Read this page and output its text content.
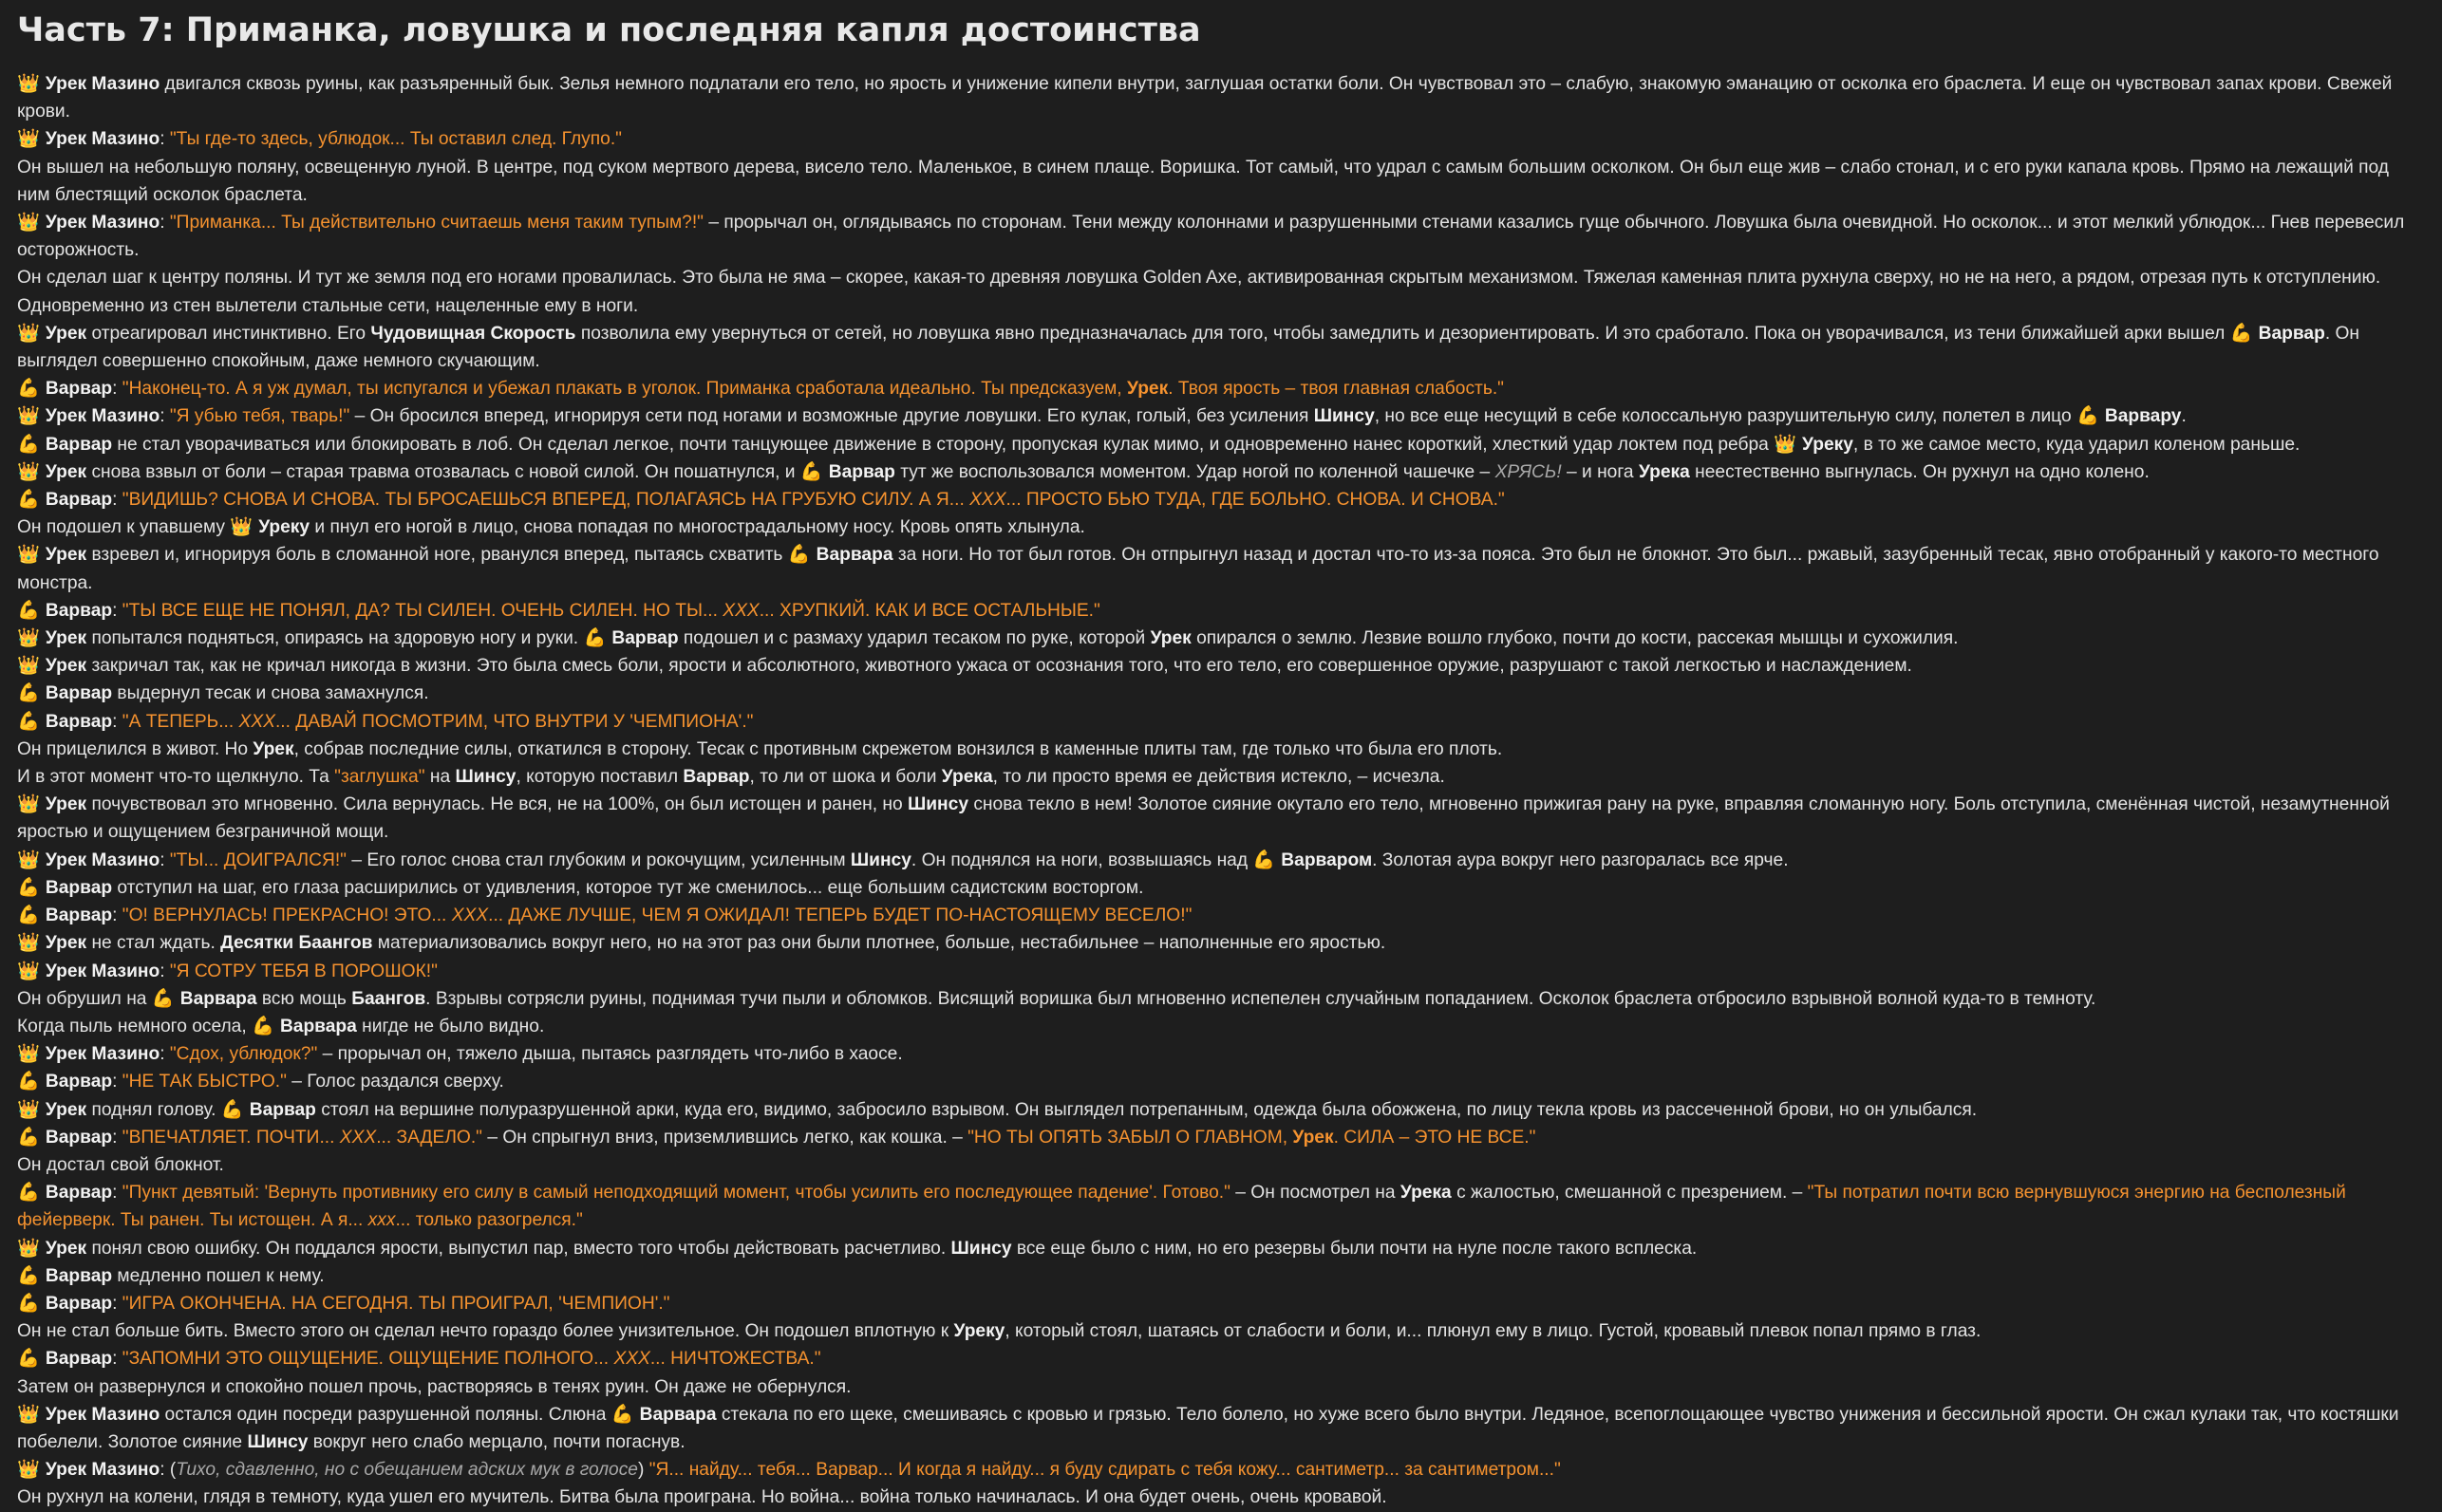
Часть 7: Приманка, ловушка и последняя капля достоинства

👑 Урек Мазино двигался сквозь руины, как разъяренный бык. Зелья немного подлатали его тело, но ярость и унижение кипели внутри, заглушая остатки боли. Он чувствовал это – слабую, знакомую эманацию от осколка его браслета. И еще он чувствовал запах крови. Свежей крови.

👑 Урек Мазино: "Ты где-то здесь, ублюдок... Ты оставил след. Глупо."

Он вышел на небольшую поляну, освещенную луной. В центре, под суком мертвого дерева, висело тело. Маленькое, в синем плаще. Воришка. Тот самый, что удрал с самым большим осколком. Он был еще жив – слабо стонал, и с его руки капала кровь. Прямо на лежащий под ним блестящий осколок браслета.

👑 Урек Мазино: "Приманка... Ты действительно считаешь меня таким тупым?!" – прорычал он, оглядываясь по сторонам. Тени между колоннами и разрушенными стенами казались гуще обычного. Ловушка была очевидной. Но осколок... и этот мелкий ублюдок... Гнев перевесил осторожность.

Он сделал шаг к центру поляны. И тут же земля под его ногами провалилась. Это была не яма – скорее, какая-то древняя ловушка Golden Axe, активированная скрытым механизмом. Тяжелая каменная плита рухнула сверху, но не на него, а рядом, отрезая путь к отступлению. Одновременно из стен вылетели стальные сети, нацеленные ему в ноги.

👑 Урек отреагировал инстинктивно. Его Чудовищная Скорость позволила ему увернуться от сетей, но ловушка явно предназначалась для того, чтобы замедлить и дезориентировать. И это сработало. Пока он уворачивался, из тени ближайшей арки вышел 💪 Варвар. Он выглядел совершенно спокойным, даже немного скучающим.

💪 Варвар: "Наконец-то. А я уж думал, ты испугался и убежал плакать в уголок. Приманка сработала идеально. Ты предсказуем, Урек. Твоя ярость – твоя главная слабость."

👑 Урек Мазино: "Я убью тебя, тварь!" – Он бросился вперед, игнорируя сети под ногами и возможные другие ловушки. Его кулак, голый, без усиления Шинсу, но все еще несущий в себе колоссальную разрушительную силу, полетел в лицо 💪 Варвару.

💪 Варвар не стал уворачиваться или блокировать в лоб. Он сделал легкое, почти танцующее движение в сторону, пропуская кулак мимо, и одновременно нанес короткий, хлесткий удар локтем под ребра 👑 Уреку, в то же самое место, куда ударил коленом раньше.

👑 Урек снова взвыл от боли – старая травма отозвалась с новой силой. Он пошатнулся, и 💪 Варвар тут же воспользовался моментом. Удар ногой по коленной чашечке – ХРЯСЬ! – и нога Урека неестественно выгнулась. Он рухнул на одно колено.

💪 Варвар: "ВИДИШЬ? СНОВА И СНОВА. ТЫ БРОСАЕШЬСЯ ВПЕРЕД, ПОЛАГАЯСЬ НА ГРУБУЮ СИЛУ. А Я... ХХХ... ПРОСТО БЬЮ ТУДА, ГДЕ БОЛЬНО. СНОВА. И СНОВА."

Он подошел к упавшему 👑 Уреку и пнул его ногой в лицо, снова попадая по многострадальному носу. Кровь опять хлынула.

👑 Урек взревел и, игнорируя боль в сломанной ноге, рванулся вперед, пытаясь схватить 💪 Варвара за ноги. Но тот был готов. Он отпрыгнул назад и достал что-то из-за пояса. Это был не блокнот. Это был... ржавый, зазубренный тесак, явно отобранный у какого-то местного монстра.

💪 Варвар: "ТЫ ВСЕ ЕЩЕ НЕ ПОНЯЛ, ДА? ТЫ СИЛЕН. ОЧЕНЬ СИЛЕН. НО ТЫ... ХХХ... ХРУПКИЙ. КАК И ВСЕ ОСТАЛЬНЫЕ."

👑 Урек попытался подняться, опираясь на здоровую ногу и руки. 💪 Варвар подошел и с размаху ударил тесаком по руке, которой Урек опирался о землю. Лезвие вошло глубоко, почти до кости, рассекая мышцы и сухожилия.

👑 Урек закричал так, как не кричал никогда в жизни. Это была смесь боли, ярости и абсолютного, животного ужаса от осознания того, что его тело, его совершенное оружие, разрушают с такой легкостью и наслаждением.

💪 Варвар выдернул тесак и снова замахнулся.

💪 Варвар: "А ТЕПЕРЬ... ХХХ... ДАВАЙ ПОСМОТРИМ, ЧТО ВНУТРИ У 'ЧЕМПИОНА'."

Он прицелился в живот. Но Урек, собрав последние силы, откатился в сторону. Тесак с противным скрежетом вонзился в каменные плиты там, где только что была его плоть.

И в этот момент что-то щелкнуло. Та "заглушка" на Шинсу, которую поставил Варвар, то ли от шока и боли Урека, то ли просто время ее действия истекло, – исчезла.

👑 Урек почувствовал это мгновенно. Сила вернулась. Не вся, не на 100%, он был истощен и ранен, но Шинсу снова текло в нем! Золотое сияние окутало его тело, мгновенно прижигая рану на руке, вправляя сломанную ногу. Боль отступила, сменённая чистой, незамутненной яростью и ощущением безграничной мощи.

👑 Урек Мазино: "ТЫ... ДОИГРАЛСЯ!" – Его голос снова стал глубоким и рокочущим, усиленным Шинсу. Он поднялся на ноги, возвышаясь над 💪 Варваром. Золотая аура вокруг него разгоралась все ярче.

💪 Варвар отступил на шаг, его глаза расширились от удивления, которое тут же сменилось... еще большим садистским восторгом.

💪 Варвар: "О! ВЕРНУЛАСЬ! ПРЕКРАСНО! ЭТО... ХХХ... ДАЖЕ ЛУЧШЕ, ЧЕМ Я ОЖИДАЛ! ТЕПЕРЬ БУДЕТ ПО-НАСТОЯЩЕМУ ВЕСЕЛО!"

👑 Урек не стал ждать. Десятки Баангов материализовались вокруг него, но на этот раз они были плотнее, больше, нестабильнее – наполненные его яростью.

👑 Урек Мазино: "Я СОТРУ ТЕБЯ В ПОРОШОК!"

Он обрушил на 💪 Варвара всю мощь Баангов. Взрывы сотрясли руины, поднимая тучи пыли и обломков. Висящий воришка был мгновенно испепелен случайным попаданием. Осколок браслета отбросило взрывной волной куда-то в темноту.

Когда пыль немного осела, 💪 Варвара нигде не было видно.

👑 Урек Мазино: "Сдох, ублюдок?" – прорычал он, тяжело дыша, пытаясь разглядеть что-либо в хаосе.

💪 Варвар: "НЕ ТАК БЫСТРО." – Голос раздался сверху.

👑 Урек поднял голову. 💪 Варвар стоял на вершине полуразрушенной арки, куда его, видимо, забросило взрывом. Он выглядел потрепанным, одежда была обожжена, по лицу текла кровь из рассеченной брови, но он улыбался.

💪 Варвар: "ВПЕЧАТЛЯЕТ. ПОЧТИ... ХХХ... ЗАДЕЛО." – Он спрыгнул вниз, приземлившись легко, как кошка. – "НО ТЫ ОПЯТЬ ЗАБЫЛ О ГЛАВНОМ, Урек. СИЛА – ЭТО НЕ ВСЕ."

Он достал свой блокнот.

💪 Варвар: "Пункт девятый: 'Вернуть противнику его силу в самый неподходящий момент, чтобы усилить его последующее падение'. Готово." – Он посмотрел на Урека с жалостью, смешанной с презрением. – "Ты потратил почти всю вернувшуюся энергию на бесполезный фейерверк. Ты ранен. Ты истощен. А я... ххх... только разогрелся."

👑 Урек понял свою ошибку. Он поддался ярости, выпустил пар, вместо того чтобы действовать расчетливо. Шинсу все еще было с ним, но его резервы были почти на нуле после такого всплеска.

💪 Варвар медленно пошел к нему.

💪 Варвар: "ИГРА ОКОНЧЕНА. НА СЕГОДНЯ. ТЫ ПРОИГРАЛ, 'ЧЕМПИОН'."

Он не стал больше бить. Вместо этого он сделал нечто гораздо более унизительное. Он подошел вплотную к Уреку, который стоял, шатаясь от слабости и боли, и... плюнул ему в лицо. Густой, кровавый плевок попал прямо в глаз.

💪 Варвар: "ЗАПОМНИ ЭТО ОЩУЩЕНИЕ. ОЩУЩЕНИЕ ПОЛНОГО... ХХХ... НИЧТОЖЕСТВА."

Затем он развернулся и спокойно пошел прочь, растворяясь в тенях руин. Он даже не обернулся.

👑 Урек Мазино остался один посреди разрушенной поляны. Слюна 💪 Варвара стекала по его щеке, смешиваясь с кровью и грязью. Тело болело, но хуже всего было внутри. Ледяное, всепоглощающее чувство унижения и бессильной ярости. Он сжал кулаки так, что костяшки побелели. Золотое сияние Шинсу вокруг него слабо мерцало, почти погаснув.

👑 Урек Мазино: (Тихо, сдавленно, но с обещанием адских мук в голосе) "Я... найду... тебя... Варвар... И когда я найду... я буду сдирать с тебя кожу... сантиметр... за сантиметром..."

Он рухнул на колени, глядя в темноту, куда ушел его мучитель. Битва была проиграна. Но война... война только начиналась. И она будет очень, очень кровавой.
